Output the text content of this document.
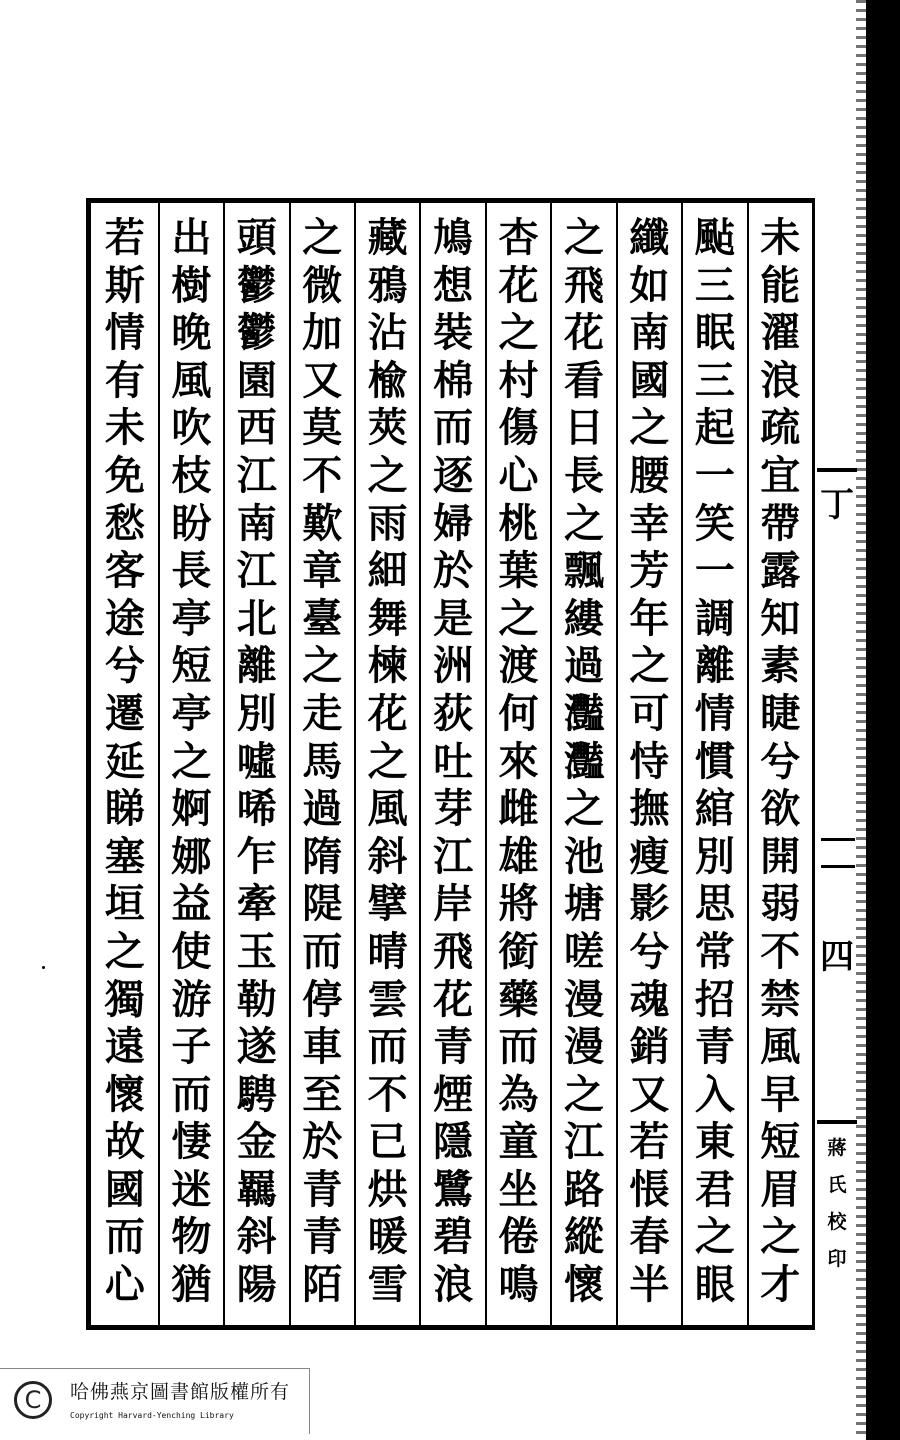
未
能
濯
浪
疏
宜
帶
露
知
素
睫
兮
欲
開
弱
不
禁
風
早
短
眉
之
才
颭
三
眠
三
起
一
笑
一
調
離
情
慣
綰
別
思
常
招
青
入
東
君
之
眼
纖
如
南
國
之
腰
幸
芳
年
之
可
恃
撫
瘦
影
兮
魂
銷
又
若
悵
春
半
之
飛
花
看
日
長
之
飄
縷
過
灩
灩
之
池
塘
嗟
漫
漫
之
江
路
縱
懷
杏
花
之
村
傷
心
桃
葉
之
渡
何
來
雌
雄
將
銜
藥
而
為
童
坐
倦
鳴
鳩
想
裝
棉
而
逐
婦
於
是
洲
荻
吐
芽
江
岸
飛
花
青
煙
隱
鷺
碧
浪
藏
鴉
沾
楡
莢
之
雨
細
舞
楝
花
之
風
斜
擘
晴
雲
而
不
已
烘
暖
雪
之
微
加
又
莫
不
歎
章
臺
之
走
馬
過
隋
隄
而
停
車
至
於
青
青
陌
頭
鬱
鬱
園
西
江
南
江
北
離
別
噓
唏
乍
牽
玉
勒
遂
騁
金
羈
斜
陽
出
樹
晚
風
吹
枝
盼
長
亭
短
亭
之
婀
娜
益
使
游
子
而
悽
迷
物
猶
若
斯
情
有
未
免
愁
客
途
兮
遷
延
睇
塞
垣
之
獨
遠
懷
故
國
而
心
丁
四
蔣
氏
校
印
C	哈佛燕京圖書館版權所有
Copyright Harvard-Yenching Library
